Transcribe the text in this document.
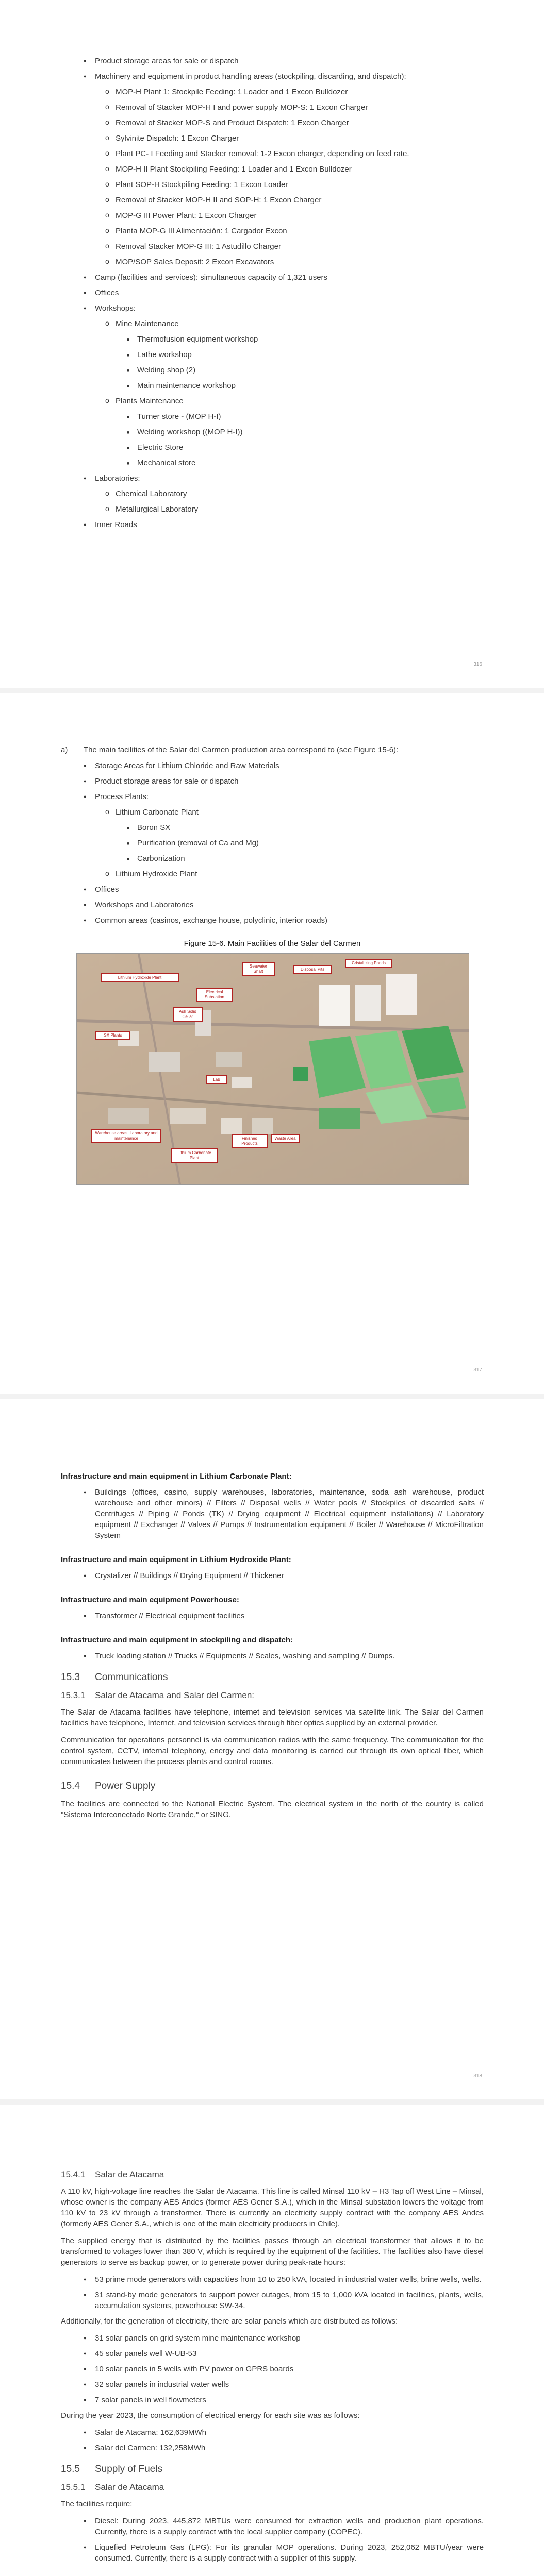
● Product storage areas for sale or dispatch
● Machinery and equipment in product handling areas (stockpiling, discarding, and dispatch):
o MOP-H Plant 1: Stockpile Feeding: 1 Loader and 1 Excon Bulldozer
o Removal of Stacker MOP-H I and power supply MOP-S: 1 Excon Charger
o Removal of Stacker MOP-S and Product Dispatch: 1 Excon Charger
o Sylvinite Dispatch: 1 Excon Charger
o Plant PC- I Feeding and Stacker removal: 1-2 Excon charger, depending on feed rate.
o MOP-H II Plant Stockpiling Feeding: 1 Loader and 1 Excon Bulldozer
o Plant SOP-H Stockpiling Feeding: 1 Excon Loader
o Removal of Stacker MOP-H II and SOP-H: 1 Excon Charger
o MOP-G III Power Plant: 1 Excon Charger
o Planta MOP-G III Alimentación: 1 Cargador Excon
o Removal Stacker MOP-G III: 1 Astudillo Charger
o MOP/SOP Sales Deposit: 2 Excon Excavators
● Camp (facilities and services): simultaneous capacity of 1,321 users
● Offices
● Workshops:
o Mine Maintenance
■ Thermofusion equipment workshop
■ Lathe workshop
■ Welding shop (2)
■ Main maintenance workshop
o Plants Maintenance
■ Turner store - (MOP H-I)
■ Welding workshop ((MOP H-I))
■ Electric Store
■ Mechanical store
● Laboratories:
o Chemical Laboratory
o Metallurgical Laboratory
● Inner Roads
316
a) The main facilities of the Salar del Carmen production area correspond to (see Figure 15-6):
● Storage Areas for Lithium Chloride and Raw Materials
● Product storage areas for sale or dispatch
● Process Plants:
o Lithium Carbonate Plant
■ Boron SX
■ Purification (removal of Ca and Mg)
■ Carbonization
o Lithium Hydroxide Plant
● Offices
● Workshops and Laboratories
● Common areas (casinos, exchange house, polyclinic, interior roads)
Figure 15-6. Main Facilities of the Salar del Carmen
Lithium Hydroxide Plant
Electrical Substation
Ash Solid Cellar
Seawater Shaft	Disposal Pits
Cristallizing Ponds
SX Plants
Lab
Warehouse areas, Laboratory and maintenance
Lithium Carbonate Plant
Finished Products
Waste Area
317
Infrastructure and main equipment in Lithium Carbonate Plant:
● Buildings (offices, casino, supply warehouses, laboratories, maintenance, soda ash warehouse, product warehouse and other minors) // Filters // Disposal wells // Water pools // Stockpiles of discarded salts // Centrifuges // Piping // Ponds (TK) // Drying equipment // Electrical equipment installations) // Laboratory equipment // Exchanger // Valves // Pumps // Instrumentation equipment // Boiler // Warehouse // MicroFiltration System
Infrastructure and main equipment in Lithium Hydroxide Plant:
● Crystalizer // Buildings // Drying Equipment // Thickener
Infrastructure and main equipment Powerhouse:
● Transformer // Electrical equipment facilities
Infrastructure and main equipment in stockpiling and dispatch:
● Truck loading station // Trucks // Equipments // Scales, washing and sampling // Dumps.
15.3 Communications
15.3.1 Salar de Atacama and Salar del Carmen:

The Salar de Atacama facilities have telephone, internet and television services via satellite link. The Salar del Carmen facilities have telephone, Internet, and television services through fiber optics supplied by an external provider.

Communication for operations personnel is via communication radios with the same frequency. The communication for the control system, CCTV, internal telephony, energy and data monitoring is carried out through its own optical fiber, which communicates between the process plants and control rooms.

15.4 Power Supply

The facilities are connected to the National Electric System. The electrical system in the north of the country is called "Sistema Interconectado Norte Grande," or SING.

318
15.4.1 Salar de Atacama

A 110 kV, high-voltage line reaches the Salar de Atacama. This line is called Minsal 110 kV – H3 Tap off West Line – Minsal, whose owner is the company AES Andes (former AES Gener S.A.), which in the Minsal substation lowers the voltage from 110 kV to 23 kV through a transformer. There is currently an electricity supply contract with the company AES Andes (formerly AES Gener S.A., which is one of the main electricity producers in Chile).

The supplied energy that is distributed by the facilities passes through an electrical transformer that allows it to be transformed to voltages lower than 380 V, which is required by the equipment of the facilities. The facilities also have diesel generators to serve as backup power, or to generate power during peak-rate hours:

● 53 prime mode generators with capacities from 10 to 250 kVA, located in industrial water wells, brine wells, wells.
● 31 stand-by mode generators to support power outages, from 15 to 1,000 kVA located in facilities, plants, wells, accumulation systems, powerhouse SW-34.

Additionally, for the generation of electricity, there are solar panels which are distributed as follows:

● 31 solar panels on grid system mine maintenance workshop
● 45 solar panels well W-UB-53
● 10 solar panels in 5 wells with PV power on GPRS boards
● 32 solar panels in industrial water wells
● 7 solar panels in well flowmeters

During the year 2023, the consumption of electrical energy for each site was as follows:

● Salar de Atacama: 162,639MWh
● Salar del Carmen: 132,258MWh
15.5 Supply of Fuels
15.5.1 Salar de Atacama

The facilities require:

● Diesel: During 2023, 445,872 MBTUs were consumed for extraction wells and production plant operations. Currently, there is a supply contract with the local supplier company (COPEC).
● Liquefied Petroleum Gas (LPG): For its granular MOP operations. During 2023, 252,062 MBTU/year were consumed. Currently, there is a supply contract with a supplier of this supply.
